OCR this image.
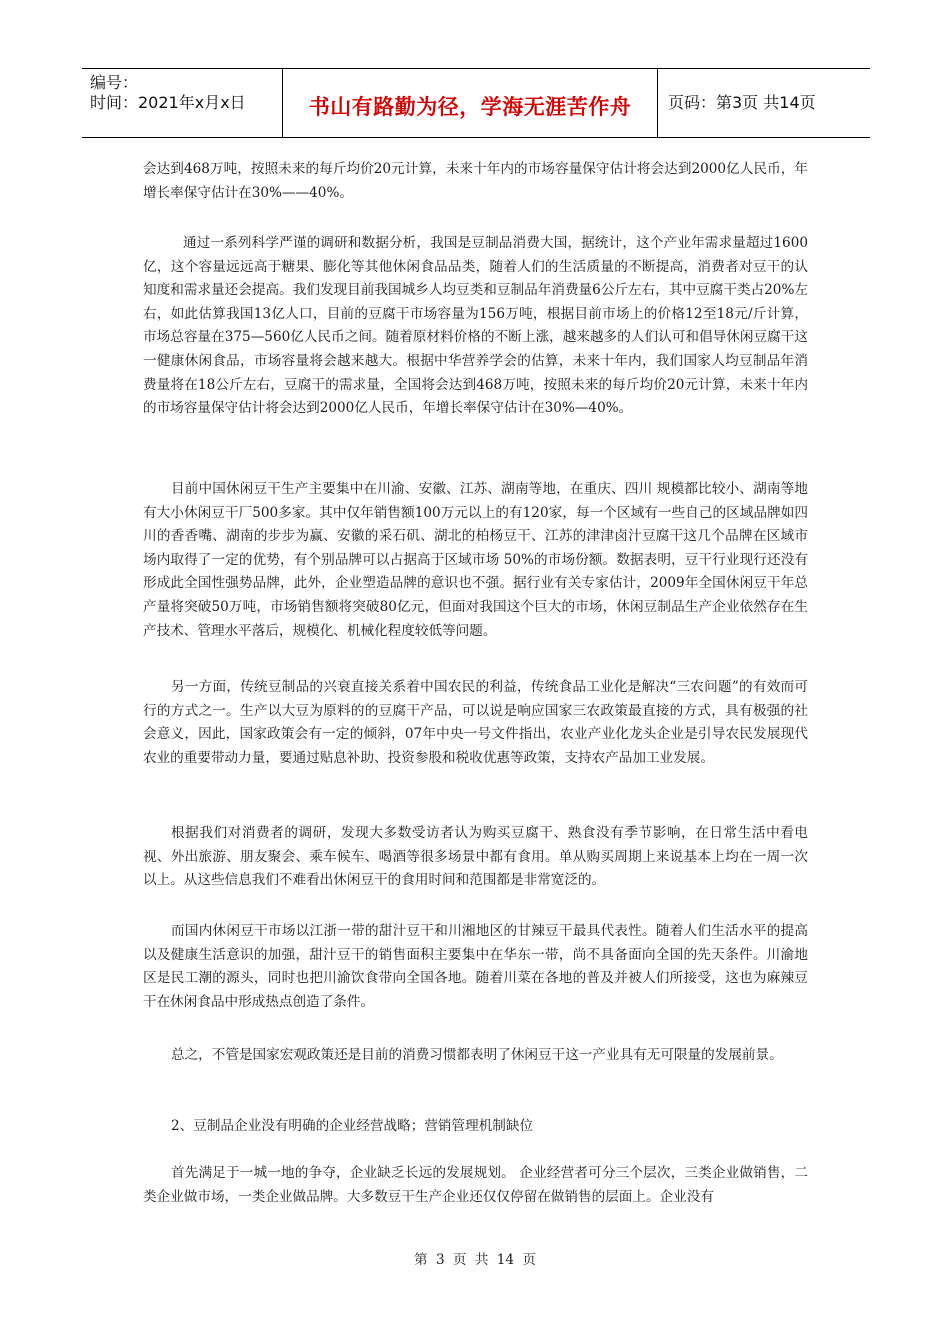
编号：
时间：2021年x月x日	书山有路勤为径，学海无涯苦作舟	页码：第3页 共14页

会达到468万吨，按照未来的每斤均价20元计算，未来十年内的市场容量保守估计将会达到2000亿人民币，年增长率保守估计在30%——40%。

通过一系列科学严谨的调研和数据分析，我国是豆制品消费大国，据统计，这个产业年需求量超过1600亿，这个容量远远高于糖果、膨化等其他休闲食品品类，随着人们的生活质量的不断提高，消费者对豆干的认知度和需求量还会提高。我们发现目前我国城乡人均豆类和豆制品年消费量6公斤左右，其中豆腐干类占20%左右，如此估算我国13亿人口，目前的豆腐干市场容量为156万吨，根据目前市场上的价格12至18元/斤计算，市场总容量在375—560亿人民币之间。随着原材料价格的不断上涨，越来越多的人们认可和倡导休闲豆腐干这一健康休闲食品，市场容量将会越来越大。根据中华营养学会的估算，未来十年内，我们国家人均豆制品年消费量将在18公斤左右，豆腐干的需求量，全国将会达到468万吨，按照未来的每斤均价20元计算，未来十年内的市场容量保守估计将会达到2000亿人民币，年增长率保守估计在30%—40%。

目前中国休闲豆干生产主要集中在川渝、安徽、江苏、湖南等地，在重庆、四川 规模都比较小、湖南等地有大小休闲豆干厂500多家。其中仅年销售额100万元以上的有120家，每一个区域有一些自己的区域品牌如四川的香香嘴、湖南的步步为赢、安徽的采石矶、湖北的柏杨豆干、江苏的津津卤汁豆腐干这几个品牌在区域市场内取得了一定的优势，有个别品牌可以占据高于区域市场 50%的市场份额。数据表明，豆干行业现行还没有形成此全国性强势品牌，此外，企业塑造品牌的意识也不强。据行业有关专家估计，2009年全国休闲豆干年总产量将突破50万吨，市场销售额将突破80亿元，但面对我国这个巨大的市场，休闲豆制品生产企业依然存在生产技术、管理水平落后，规模化、机械化程度较低等问题。

另一方面，传统豆制品的兴衰直接关系着中国农民的利益，传统食品工业化是解决“三农问题”的有效而可行的方式之一。生产以大豆为原料的的豆腐干产品，可以说是响应国家三农政策最直接的方式，具有极强的社会意义，因此，国家政策会有一定的倾斜，07年中央一号文件指出，农业产业化龙头企业是引导农民发展现代农业的重要带动力量，要通过贴息补助、投资参股和税收优惠等政策，支持农产品加工业发展。

根据我们对消费者的调研，发现大多数受访者认为购买豆腐干、熟食没有季节影响，在日常生活中看电视、外出旅游、朋友聚会、乘车候车、喝酒等很多场景中都有食用。单从购买周期上来说基本上均在一周一次以上。从这些信息我们不难看出休闲豆干的食用时间和范围都是非常宽泛的。

而国内休闲豆干市场以江浙一带的甜汁豆干和川湘地区的甘辣豆干最具代表性。随着人们生活水平的提高以及健康生活意识的加强，甜汁豆干的销售面积主要集中在华东一带，尚不具备面向全国的先天条件。川渝地区是民工潮的源头，同时也把川渝饮食带向全国各地。随着川菜在各地的普及并被人们所接受，这也为麻辣豆干在休闲食品中形成热点创造了条件。

总之，不管是国家宏观政策还是目前的消费习惯都表明了休闲豆干这一产业具有无可限量的发展前景。

2、豆制品企业没有明确的企业经营战略；营销管理机制缺位

首先满足于一城一地的争夺，企业缺乏长远的发展规划。 企业经营者可分三个层次，三类企业做销售，二类企业做市场，一类企业做品牌。大多数豆干生产企业还仅仅停留在做销售的层面上。企业没有

第 3 页 共 14 页
